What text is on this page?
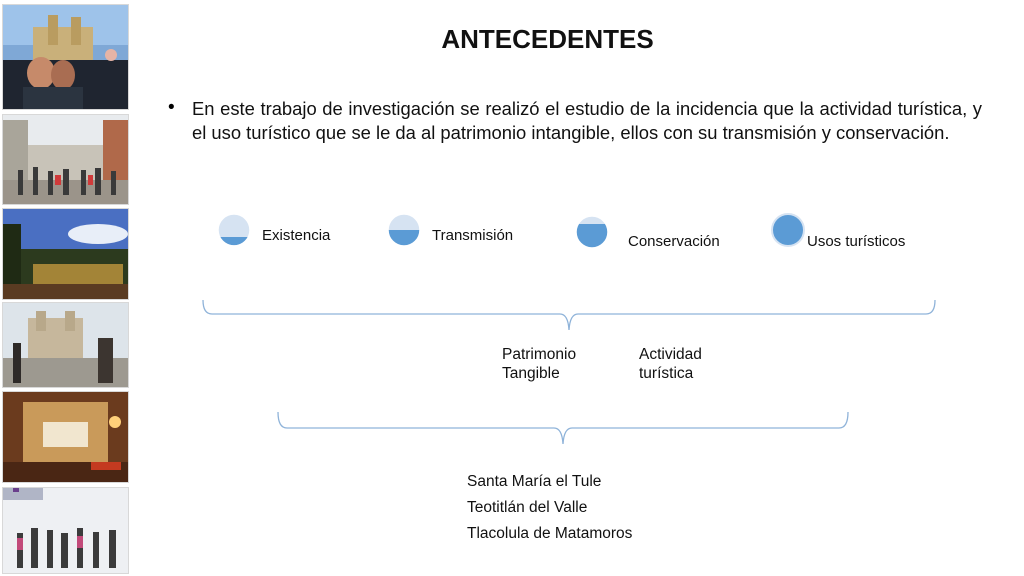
ANTECEDENTES
• En este trabajo de investigación se realizó el estudio de la incidencia que la actividad turística, y el uso turístico que se le da al patrimonio intangible, ellos con su transmisión y conservación.
Existencia	Transmisión	Conservación	Usos turísticos
Patrimonio
Tangible
Actividad
turística
Santa María el Tule
Teotitlán del Valle
Tlacolula de Matamoros
